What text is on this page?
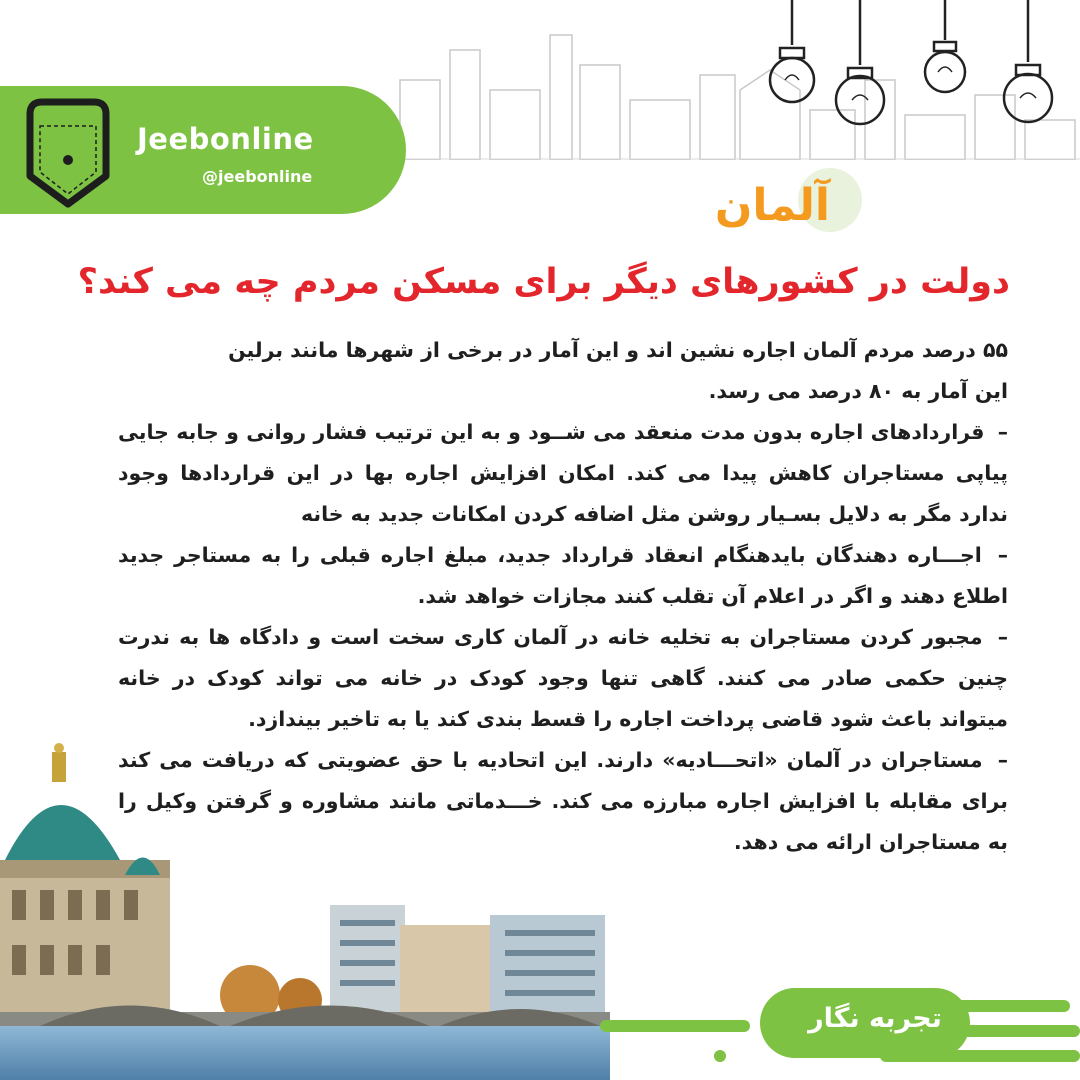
Jeebonline
@jeebonline
آلمان
دولت در کشورهای دیگر برای مسکن مردم چه می کند؟

۵۵ درصد مردم آلمان اجاره نشین اند و این آمار در برخی از شهرها مانند برلین

این آمار به ۸۰ درصد می رسد.

– قراردادهای اجاره بدون مدت منعقد می شــود و به این ترتیب فشار روانی و جابه جایی پیاپی مستاجران کاهش پیدا می کند. امکان افزایش اجاره بها در این قراردادها وجود ندارد مگر به دلایل بسـیار روشن مثل اضافه کردن امکانات جدید به خانه

– اجـــاره دهندگان بایدهنگام انعقاد قرارداد جدید، مبلغ اجاره قبلی را به مستاجر جدید اطلاع دهند و اگر در اعلام آن تقلب کنند مجازات خواهد شد.

– مجبور کردن مستاجران به تخلیه خانه در آلمان کاری سخت است و دادگاه ها به ندرت چنین حکمی صادر می کنند. گاهی تنها وجود کودک در خانه می تواند کودک در خانه میتواند باعث شود قاضی پرداخت اجاره را قسط بندی کند یا به تاخیر بیندازد.

– مستاجران در آلمان «اتحـــادیه» دارند. این اتحادیه با حق عضویتی که دریافت می کند برای مقابله با افزایش اجاره مبارزه می کند. خـــدماتی مانند مشاوره و گرفتن وکیل را به مستاجران ارائه می دهد.

تجربه نگار
